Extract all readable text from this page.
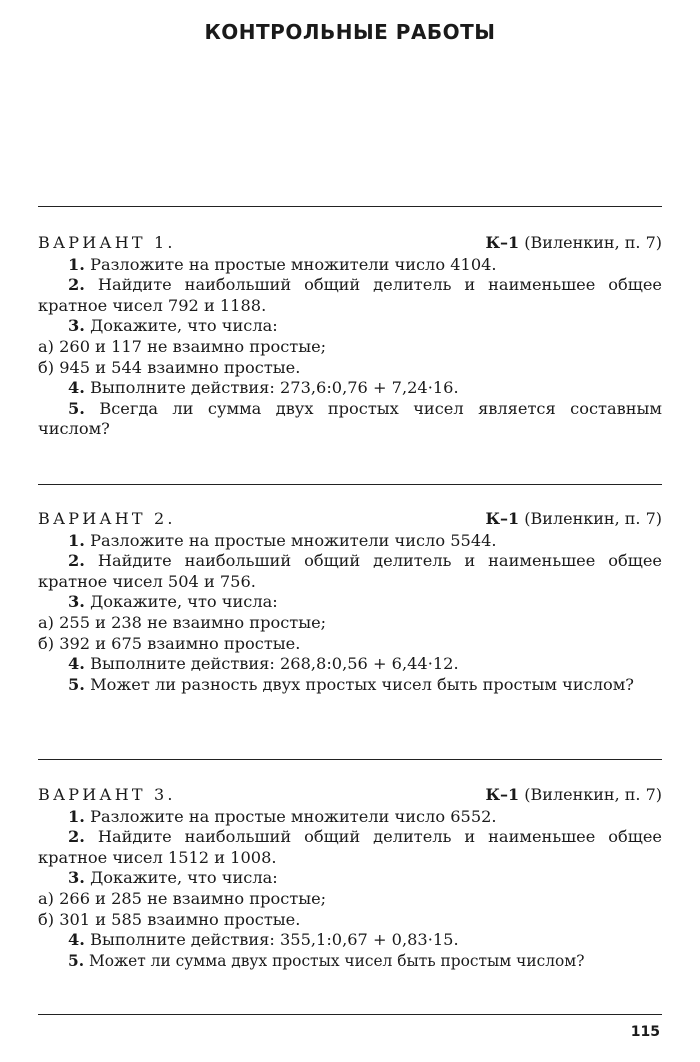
КОНТРОЛЬНЫЕ РАБОТЫ
ВАРИАНТ 1.	К–1 (Виленкин, п. 7)
1. Разложите на простые множители число 4104.
2. Найдите наибольший общий делитель и наименьшее общее кратное чисел 792 и 1188.
3. Докажите, что числа:
а) 260 и 117 не взаимно простые;
б) 945 и 544 взаимно простые.
4. Выполните действия: 273,6:0,76 + 7,24·16.
5. Всегда ли сумма двух простых чисел является составным числом?
ВАРИАНТ 2.	К–1 (Виленкин, п. 7)
1. Разложите на простые множители число 5544.
2. Найдите наибольший общий делитель и наименьшее общее кратное чисел 504 и 756.
3. Докажите, что числа:
а) 255 и 238 не взаимно простые;
б) 392 и 675 взаимно простые.
4. Выполните действия: 268,8:0,56 + 6,44·12.
5. Может ли разность двух простых чисел быть простым числом?
ВАРИАНТ 3.	К–1 (Виленкин, п. 7)
1. Разложите на простые множители число 6552.
2. Найдите наибольший общий делитель и наименьшее общее кратное чисел 1512 и 1008.
3. Докажите, что числа:
а) 266 и 285 не взаимно простые;
б) 301 и 585 взаимно простые.
4. Выполните действия: 355,1:0,67 + 0,83·15.
5. Может ли сумма двух простых чисел быть простым числом?
115
